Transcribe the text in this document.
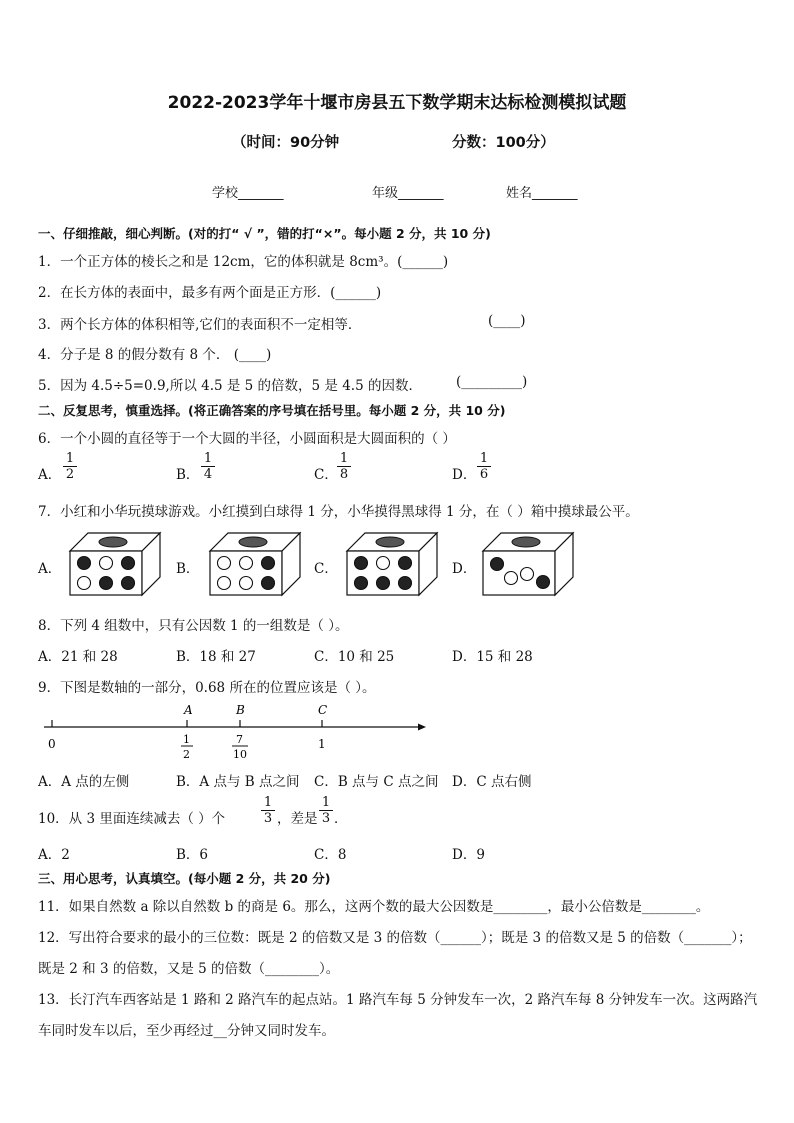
2022-2023学年十堰市房县五下数学期末达标检测模拟试题
（时间：90分钟	分数：100分）
学校_______	年级_______	姓名_______
一、仔细推敲，细心判断。(对的打“ √ ”，错的打“×”。每小题 2 分，共 10 分)
1．一个正方体的棱长之和是 12cm，它的体积就是 8cm³。(______)
2．在长方体的表面中，最多有两个面是正方形．(______)
3．两个长方体的体积相等,它们的表面积不一定相等．	(____)
4．分子是 8 的假分数有 8 个． (____)
5．因为 4.5÷5=0.9,所以 4.5 是 5 的倍数，5 是 4.5 的因数．	(_________)
二、反复思考，慎重选择。(将正确答案的序号填在括号里。每小题 2 分，共 10 分)
6．一个小圆的直径等于一个大圆的半径，小圆面积是大圆面积的（ ）
A． $\frac{1}{2}$	B． $\frac{1}{4}$	C． $\frac{1}{8}$	D． $\frac{1}{6}$
7．小红和小华玩摸球游戏。小红摸到白球得 1 分，小华摸得黑球得 1 分，在（ ）箱中摸球最公平。
A．	B．	C．	D．
8．下列 4 组数中，只有公因数 1 的一组数是（ ）。
A．21 和 28	B．18 和 27	C．10 和 25	D．15 和 28
9．下图是数轴的一部分，0.68 所在的位置应该是（ ）。
A	B	C
0	1
2
7
10
1
A．A 点的左侧	B．A 点与 B 点之间 C．B 点与 C 点之间 D．C 点右侧
10．从 3 里面连续减去（ ）个	$\frac{1}{3}$ ，差是 $\frac{1}{3}$ ．
A．2	B．6	C．8	D．9
三、用心思考，认真填空。(每小题 2 分，共 20 分)
11．如果自然数 a 除以自然数 b 的商是 6。那么，这两个数的最大公因数是________，最小公倍数是________。
12．写出符合要求的最小的三位数：既是 2 的倍数又是 3 的倍数（______）；既是 3 的倍数又是 5 的倍数（_______）；
既是 2 和 3 的倍数，又是 5 的倍数（________）。
13．长汀汽车西客站是 1 路和 2 路汽车的起点站。1 路汽车每 5 分钟发车一次，2 路汽车每 8 分钟发车一次。这两路汽
车同时发车以后，至少再经过__分钟又同时发车。
